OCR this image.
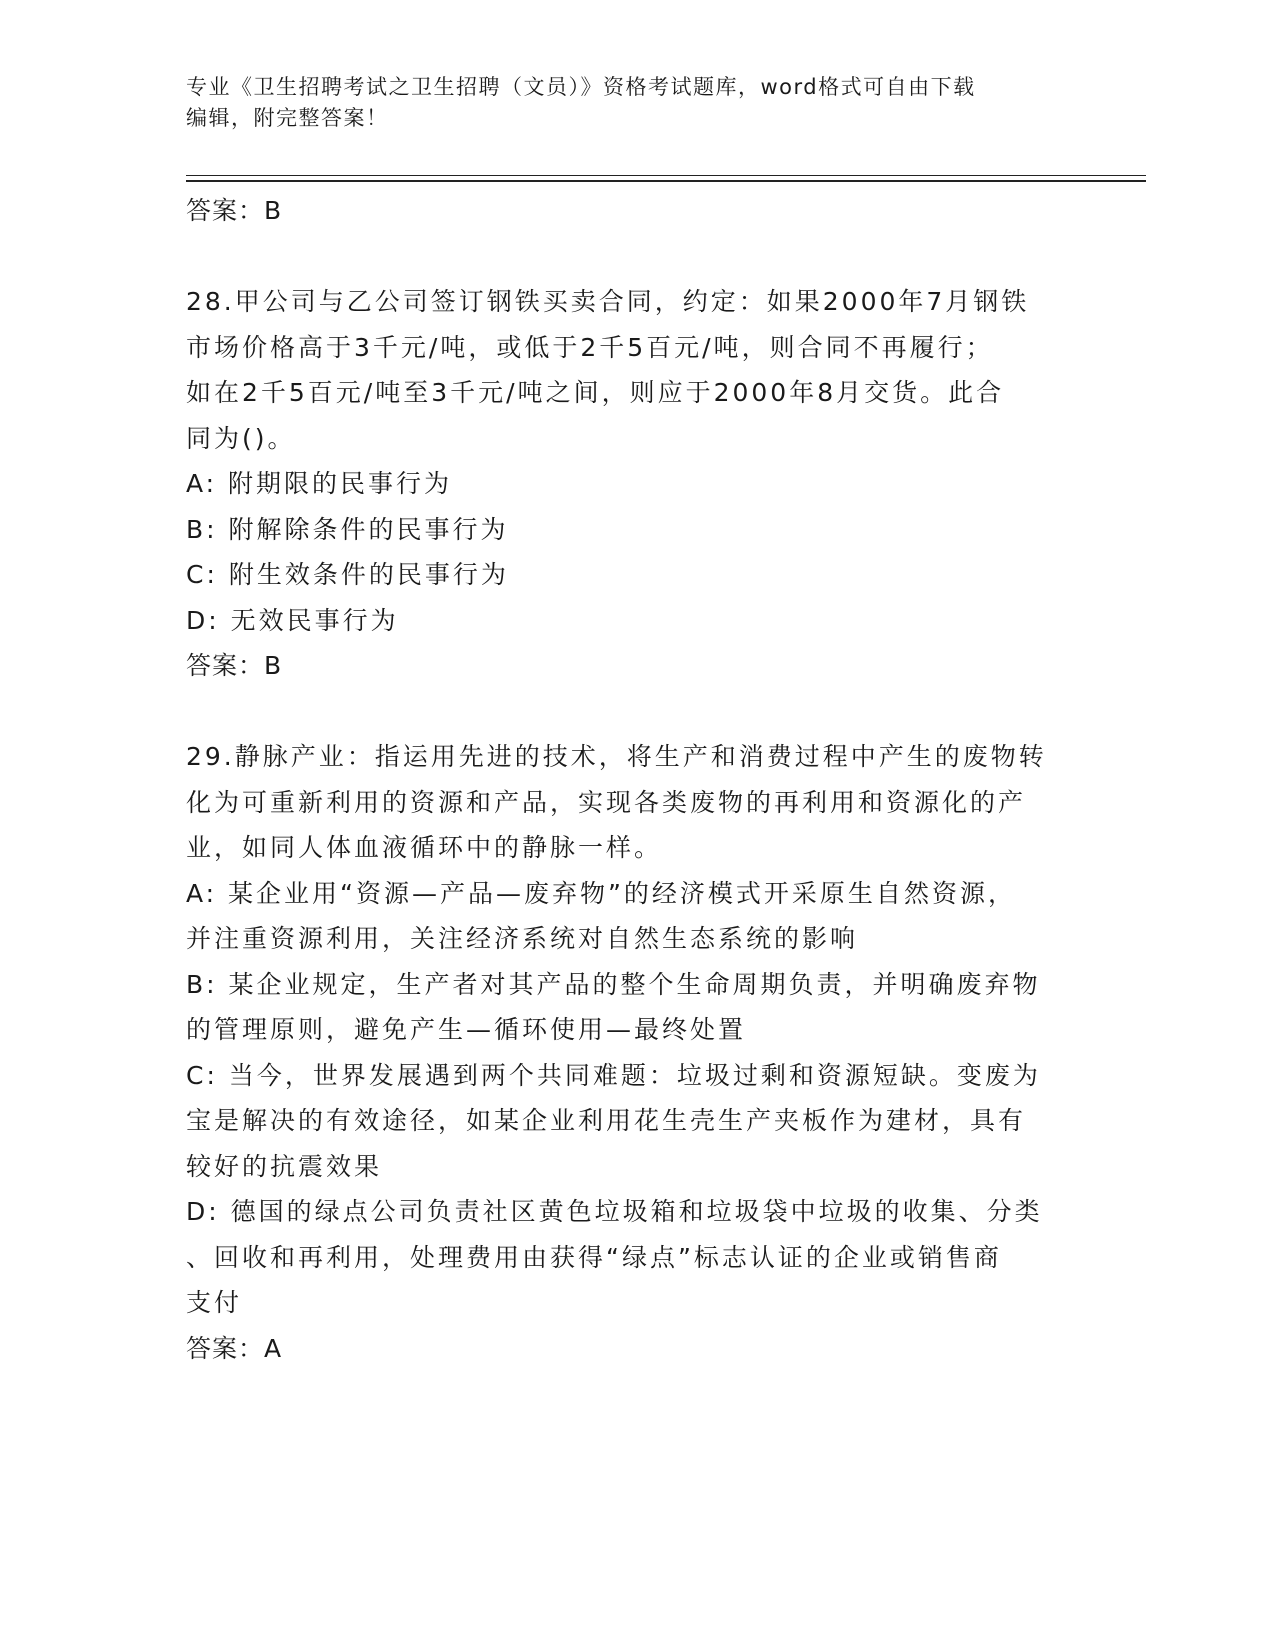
专业《卫生招聘考试之卫生招聘（文员）》资格考试题库，word格式可自由下载
编辑，附完整答案！

答案：B

28.甲公司与乙公司签订钢铁买卖合同，约定：如果2000年7月钢铁

市场价格高于3千元/吨，或低于2千5百元/吨，则合同不再履行；

如在2千5百元/吨至3千元/吨之间，则应于2000年8月交货。此合

同为()。

A: 附期限的民事行为

B: 附解除条件的民事行为

C: 附生效条件的民事行为

D: 无效民事行为

答案：B

29.静脉产业：指运用先进的技术，将生产和消费过程中产生的废物转

化为可重新利用的资源和产品，实现各类废物的再利用和资源化的产

业，如同人体血液循环中的静脉一样。

A: 某企业用“资源—产品—废弃物”的经济模式开采原生自然资源，

并注重资源利用，关注经济系统对自然生态系统的影响

B: 某企业规定，生产者对其产品的整个生命周期负责，并明确废弃物

的管理原则，避免产生—循环使用—最终处置

C: 当今，世界发展遇到两个共同难题：垃圾过剩和资源短缺。变废为

宝是解决的有效途径，如某企业利用花生壳生产夹板作为建材，具有

较好的抗震效果

D: 德国的绿点公司负责社区黄色垃圾箱和垃圾袋中垃圾的收集、分类

、回收和再利用，处理费用由获得“绿点”标志认证的企业或销售商

支付

答案：A
